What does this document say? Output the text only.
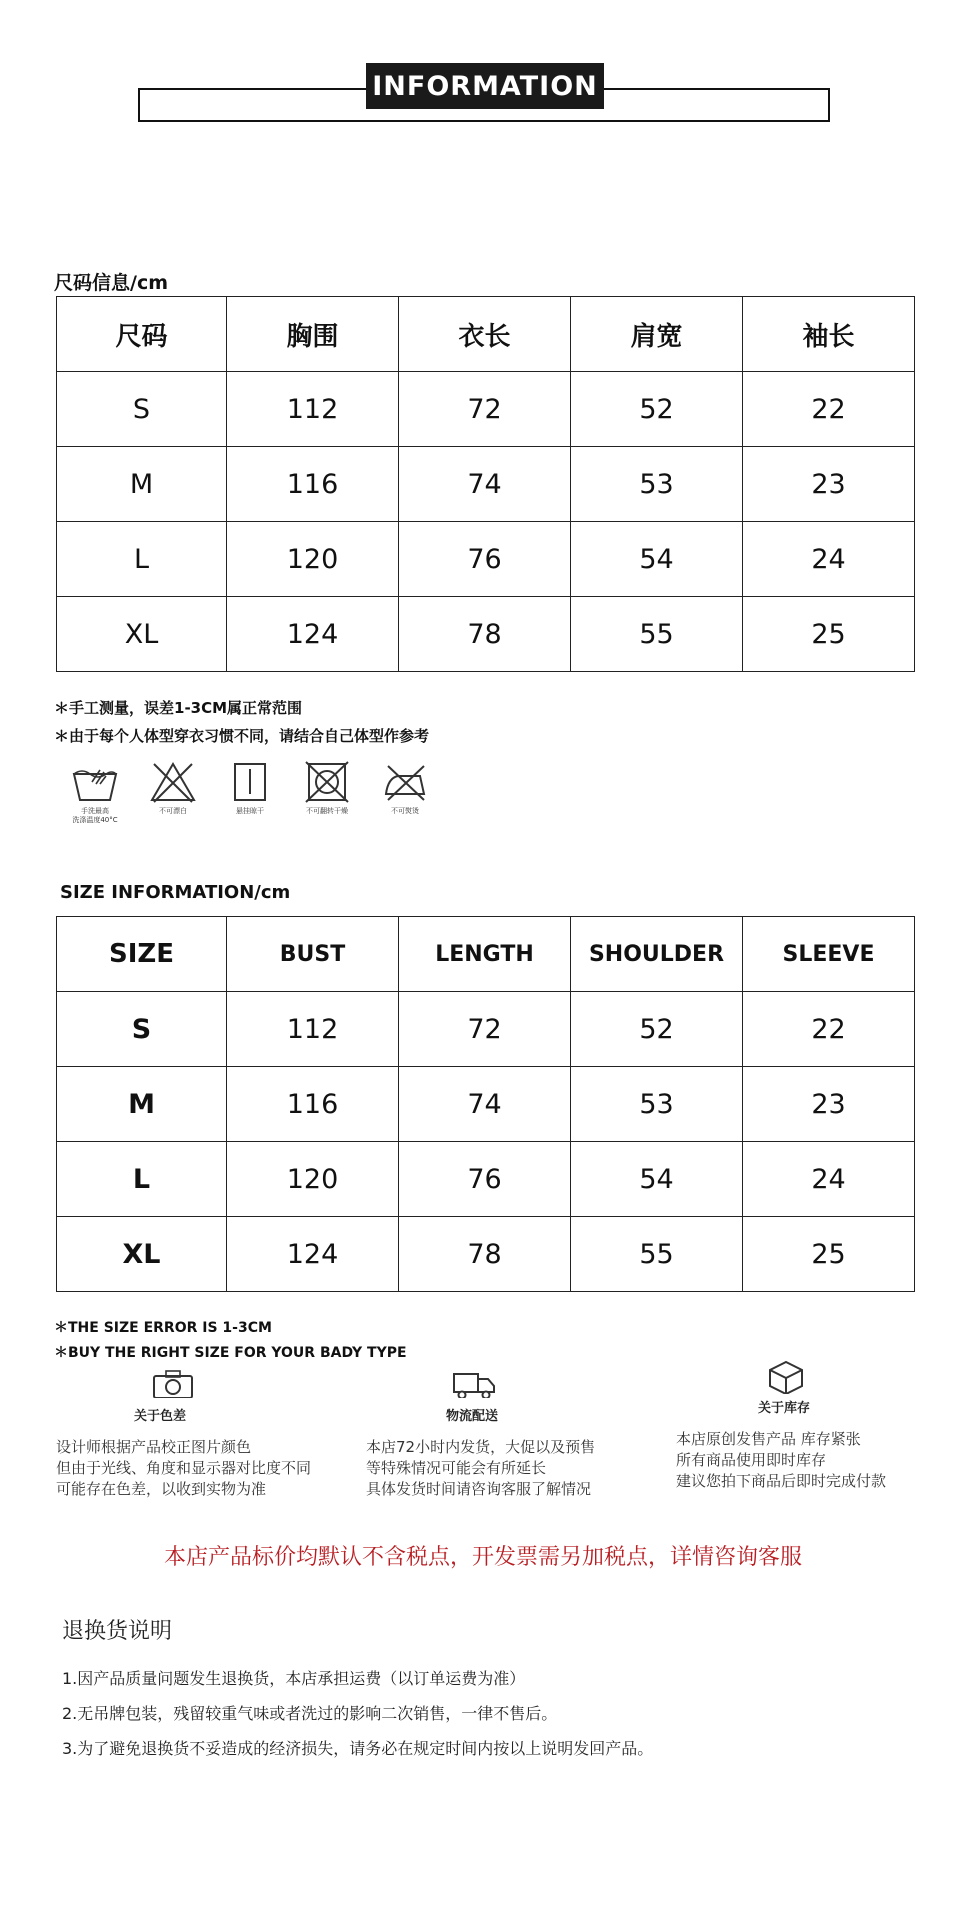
INFORMATION
尺码信息/cm
尺码	胸围	衣长	肩宽	袖长
S	112	72	52	22
M	116	74	53	23
L	120	76	54	24
XL	124	78	55	25
＊手工测量，误差1-3CM属正常范围
＊由于每个人体型穿衣习惯不同，请结合自己体型作参考
手洗最高
洗涤温度40°C
不可漂白	悬挂晾干	不可翻转干燥	不可熨烫
SIZE INFORMATION/cm
SIZE	BUST	LENGTH	SHOULDER	SLEEVE
S	112	72	52	22
M	116	74	53	23
L	120	76	54	24
XL	124	78	55	25
＊THE SIZE ERROR IS 1-3CM
＊BUY THE RIGHT SIZE FOR YOUR BADY TYPE
关于色差
设计师根据产品校正图片颜色
但由于光线、角度和显示器对比度不同
可能存在色差，以收到实物为准
物流配送
本店72小时内发货，大促以及预售
等特殊情况可能会有所延长
具体发货时间请咨询客服了解情况
关于库存
本店原创发售产品 库存紧张
所有商品使用即时库存
建议您拍下商品后即时完成付款
本店产品标价均默认不含税点，开发票需另加税点，详情咨询客服
退换货说明
1.因产品质量问题发生退换货，本店承担运费（以订单运费为准）
2.无吊牌包装，残留较重气味或者洗过的影响二次销售，一律不售后。
3.为了避免退换货不妥造成的经济损失，请务必在规定时间内按以上说明发回产品。
